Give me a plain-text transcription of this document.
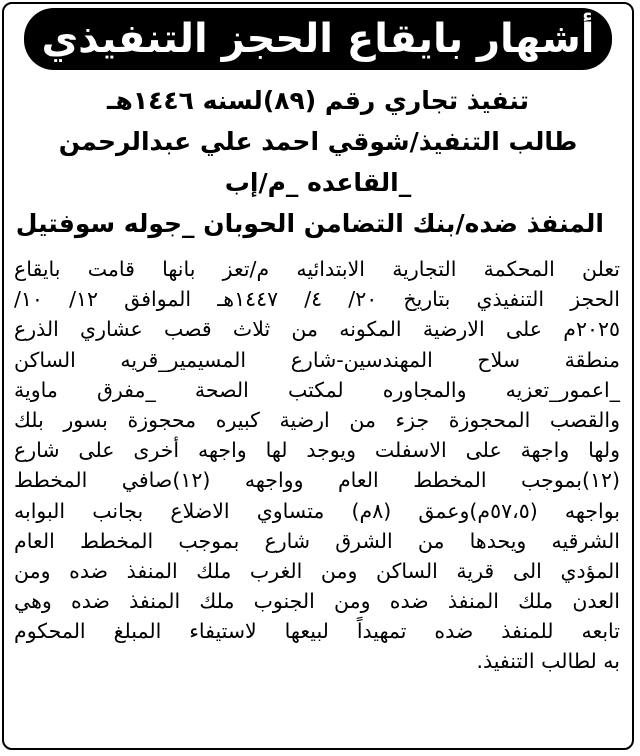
أشهار بايقاع الحجز التنفيذي
تنفيذ تجاري رقم (٨٩)لسنه ١٤٤٦هـ
طالب التنفيذ/شوقي احمد علي عبدالرحمن
_القاعده _م/إب
المنفذ ضده/بنك التضامن الحوبان _جوله سوفتيل
تعلن المحكمة التجارية الابتدائيه م/تعز بانها قامت بايقاع
الحجز التنفيذي بتاريخ ٢٠/ ٤/ ١٤٤٧هـ الموافق ١٢/ ١٠/
٢٠٢٥م على الارضية المكونه من ثلاث قصب عشاري الذرع
منطقة سلاح المهندسين-شارع المسيمير_قريه الساكن
_اعمور_تعزيه والمجاوره لمكتب الصحة _مفرق ماوية
والقصب المحجوزة جزء من ارضية كبيره محجوزة بسور بلك
ولها واجهة على الاسفلت ويوجد لها واجهه أخرى على شارع
(١٢)بموجب المخطط العام وواجهه (١٢)صافي المخطط
بواجهه (٥٧،٥م)وعمق (٨م) متساوي الاضلاع بجانب البوابه
الشرقيه ويحدها من الشرق شارع بموجب المخطط العام
المؤدي الى قرية الساكن ومن الغرب ملك المنفذ ضده ومن
العدن ملك المنفذ ضده ومن الجنوب ملك المنفذ ضده وهي
تابعه للمنفذ ضده تمهيداً لبيعها لاستيفاء المبلغ المحكوم
به لطالب التنفيذ.
